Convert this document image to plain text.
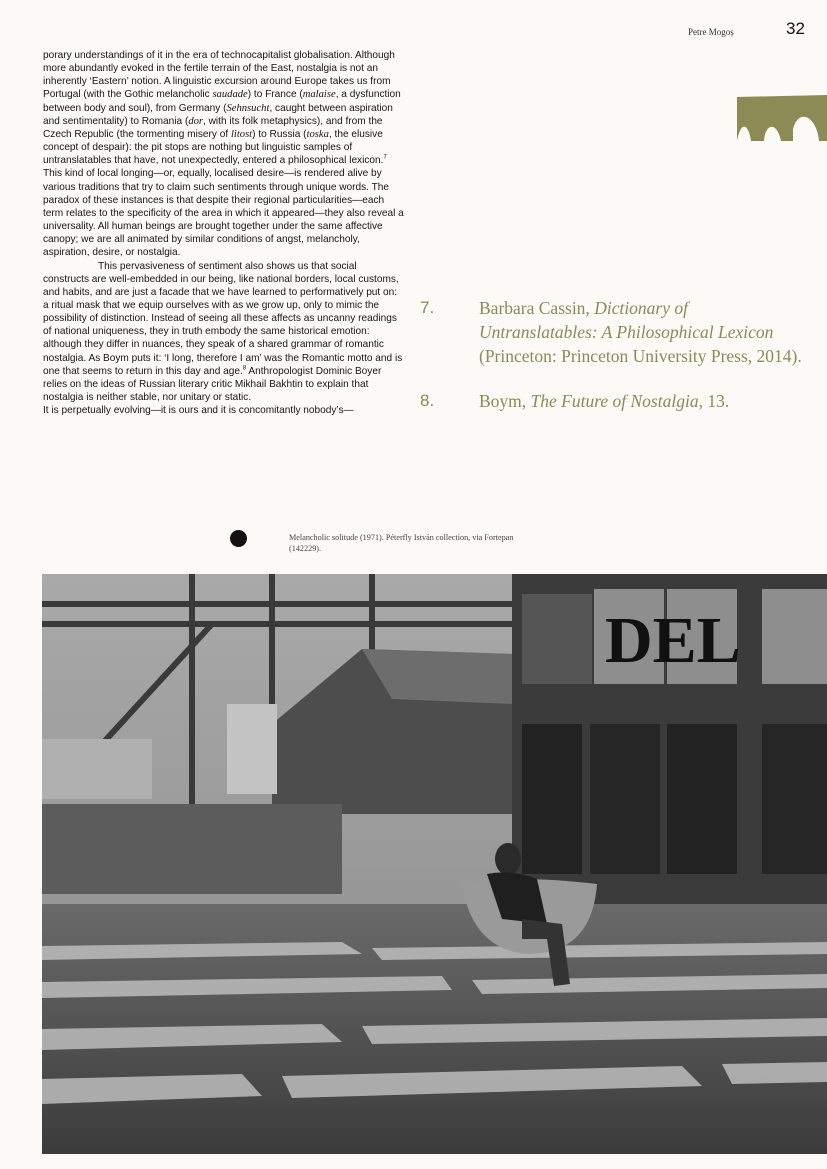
Petre Mogoș	32

porary understandings of it in the era of technocapitalist globalisation. Although more abundantly evoked in the fertile terrain of the East, nostalgia is not an inherently ‘Eastern’ notion. A linguistic excursion around Europe takes us from Portugal (with the Gothic melancholic saudade) to France (malaise, a dysfunction between body and soul), from Germany (Sehnsucht, caught between aspiration and sentimentality) to Romania (dor, with its folk metaphysics), and from the Czech Republic (the tormenting misery of litost) to Russia (toska, the elusive concept of despair): the pit stops are nothing but linguistic samples of untranslatables that have, not unexpectedly, entered a philosophical lexicon.$^7$ This kind of local longing—or, equally, localised desire—is rendered alive by various traditions that try to claim such sentiments through unique words. The paradox of these instances is that despite their regional particularities—each term relates to the specificity of the area in which it appeared—they also reveal a universality. All human beings are brought together under the same affective canopy; we are all animated by similar conditions of angst, melancholy, aspiration, desire, or nostalgia.

This pervasiveness of sentiment also shows us that social constructs are well-embedded in our being, like national borders, local customs, and habits, and are just a facade that we have learned to performatively put on: a ritual mask that we equip ourselves with as we grow up, only to mimic the possibility of distinction. Instead of seeing all these affects as uncanny readings of national uniqueness, they in truth embody the same historical emotion: although they differ in nuances, they speak of a shared grammar of romantic nostalgia. As Boym puts it: ‘I long, therefore I am’ was the Romantic motto and is one that seems to return in this day and age.$^8$ Anthropologist Dominic Boyer relies on the ideas of Russian literary critic Mikhail Bakhtin to explain that nostalgia is neither stable, nor unitary or static.

It is perpetually evolving—it is ours and it is concomitantly nobody’s—

7.	Barbara Cassin, Dictionary of Untranslatables: A Philosophical Lexicon (Princeton: Princeton University Press, 2014).
8.	Boym, The Future of Nostalgia, 13.
Melancholic solitude (1971). Péterfly István collection, via Fortepan (142229).
DEL
